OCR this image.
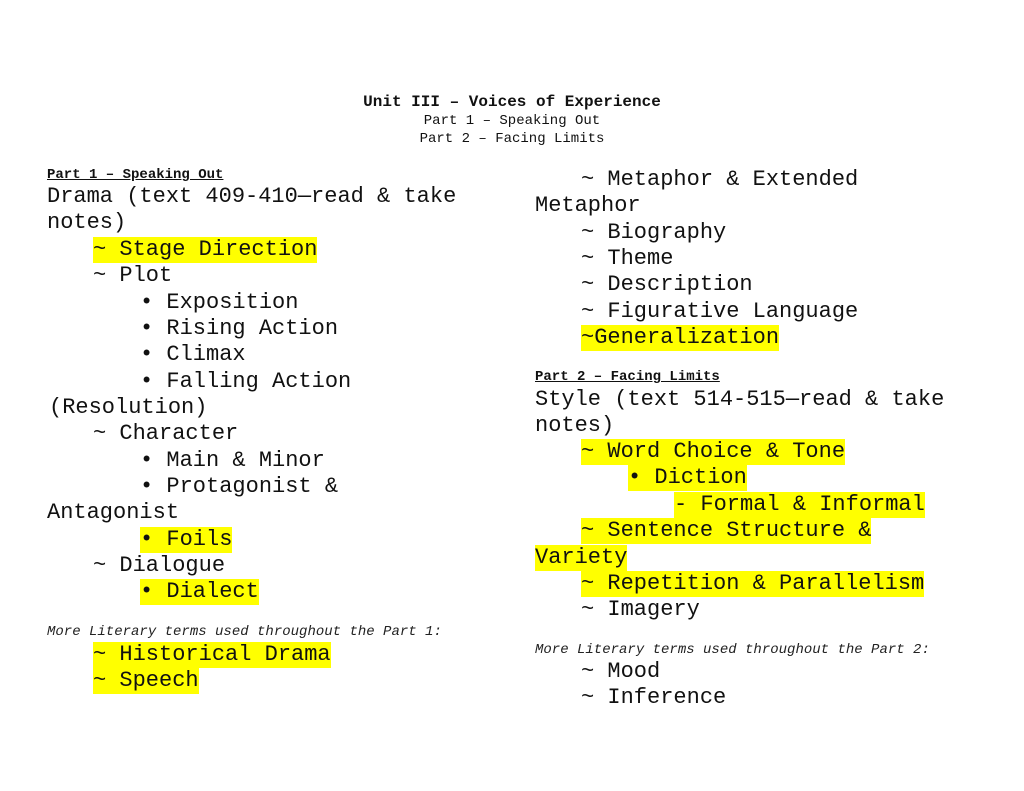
Unit III – Voices of Experience
Part 1 – Speaking Out
Part 2 – Facing Limits
Part 1 – Speaking Out
Drama (text 409-410—read & take
notes)
~ Stage Direction
~ Plot
• Exposition
• Rising Action
• Climax
• Falling Action
(Resolution)
~ Character
• Main & Minor
• Protagonist &
Antagonist
• Foils
~ Dialogue
• Dialect
More Literary terms used throughout the Part 1:
~ Historical Drama
~ Speech
~ Metaphor & Extended
Metaphor
~ Biography
~ Theme
~ Description
~ Figurative Language
~Generalization
Part 2 – Facing Limits
Style (text 514-515—read & take
notes)
~ Word Choice & Tone
• Diction
- Formal & Informal
~ Sentence Structure &
Variety
~ Repetition & Parallelism
~ Imagery
More Literary terms used throughout the Part 2:
~ Mood
~ Inference
